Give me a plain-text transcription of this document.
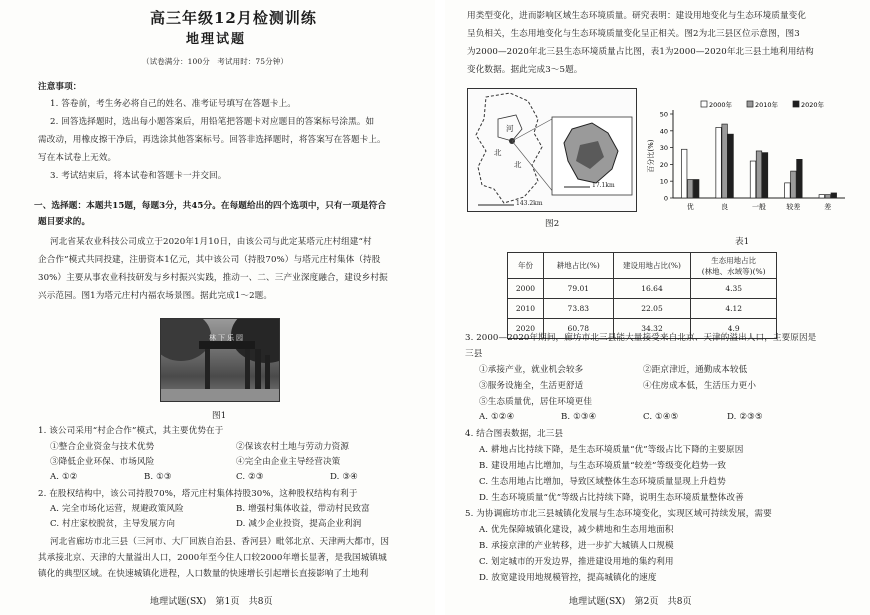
高三年级12月检测训练
地理试题
（试卷满分：100分　考试用时：75分钟）
注意事项：
1. 答卷前，考生务必将自己的姓名、准考证号填写在答题卡上。
2. 回答选择题时，选出每小题答案后，用铅笔把答题卡对应题目的答案标号涂黑。如
需改动，用橡皮擦干净后，再选涂其他答案标号。回答非选择题时，将答案写在答题卡上。
写在本试卷上无效。
3. 考试结束后，将本试卷和答题卡一并交回。
一、选择题：本题共15题，每题3分，共45分。在每题给出的四个选项中，只有一项是符合
题目要求的。
河北省某农业科技公司成立于2020年1月10日，由该公司与此定某塔元庄村组建“村
企合作”模式共同投建，注册资本1亿元，其中该公司（持股70%）与塔元庄村集体（持股
30%）主要从事农业科技研发与乡村振兴实践，推动一、二、三产业深度融合，建设乡村振
兴示范园。图1为塔元庄村内福农场景图。据此完成1～2题。
林下乐园
图1
1. 该公司采用“村企合作”模式，其主要优势在于
①整合企业资金与技术优势	②保该农村土地与劳动力资源
③降低企业环保、市场风险	④完全由企业主导经营决策
A. ①②	B. ①③	C. ②③	D. ③④
2. 在股权结构中，该公司持股70%，塔元庄村集体持股30%，这种股权结构有利于
A. 完全市场化运营，规避政策风险	B. 增强村集体收益，带动村民致富
C. 村庄家校脱贫，主导发展方向	D. 减少企业投资，提高企业利润
河北省廊坊市北三县（三河市、大厂回族自治县、香河县）毗邻北京、天津两大都市，因
其承接北京、天津的大量溢出人口，2000年至今住人口较2000年增长显著，是我国城镇城
镇化的典型区域。在快速城镇化进程，人口数量的快速增长引起增长直接影响了土地利
地理试题(SX)　第1页　共8页
用类型变化，进而影响区域生态环境质量。研究表明：建设用地变化与生态环境质量变化
呈负相关，生态用地变化与生态环境质量变化呈正相关。图2为北三县区位示意图，图3
为2000—2020年北三县生态环境质量占比图，表1为2000—2020年北三县土地利用结构
变化数据。据此完成3～5题。
河
北
北
143.2km
17.1km
图2
0
10
20
30
40
50
百分比(%)
优	良	一般	较差	差
2000年	2010年	2020年
表1
年份	耕地占比(%)	建设用地占比(%)	生态用地占比
(林地、水域等)(%)
2000	79.01	16.64	4.35
2010	73.83	22.05	4.12
2020	60.78	34.32	4.9
3. 2000—2020年期间，廊坊市北三县能大量接受来自北京、天津的溢出人口，主要原因是
三县
①承接产业，就业机会较多	②距京津近，通勤成本较低
③服务设施全，生活更舒适	④住房成本低，生活压力更小
⑤生态质量优，居住环境更佳
A. ①②④	B. ①③④	C. ①④⑤	D. ②③⑤
4. 结合图表数据，北三县
A. 耕地占比持续下降，是生态环境质量“优”等级占比下降的主要原因
B. 建设用地占比增加，与生态环境质量“较差”等级变化趋势一致
C. 生态用地占比增加，导致区域整体生态环境质量显现上升趋势
D. 生态环境质量“优”等级占比持续下降，说明生态环境质量整体改善
5. 为协调廊坊市北三县城镇化发展与生态环境变化，实现区域可持续发展，需要
A. 优先保障城镇化建设，减少耕地和生态用地面积
B. 承接京津的产业转移，进一步扩大城镇人口规模
C. 划定城市的开发边界，推进建设用地的集约利用
D. 放宽建设用地规模管控，提高城镇化的速度
地理试题(SX)　第2页　共8页
